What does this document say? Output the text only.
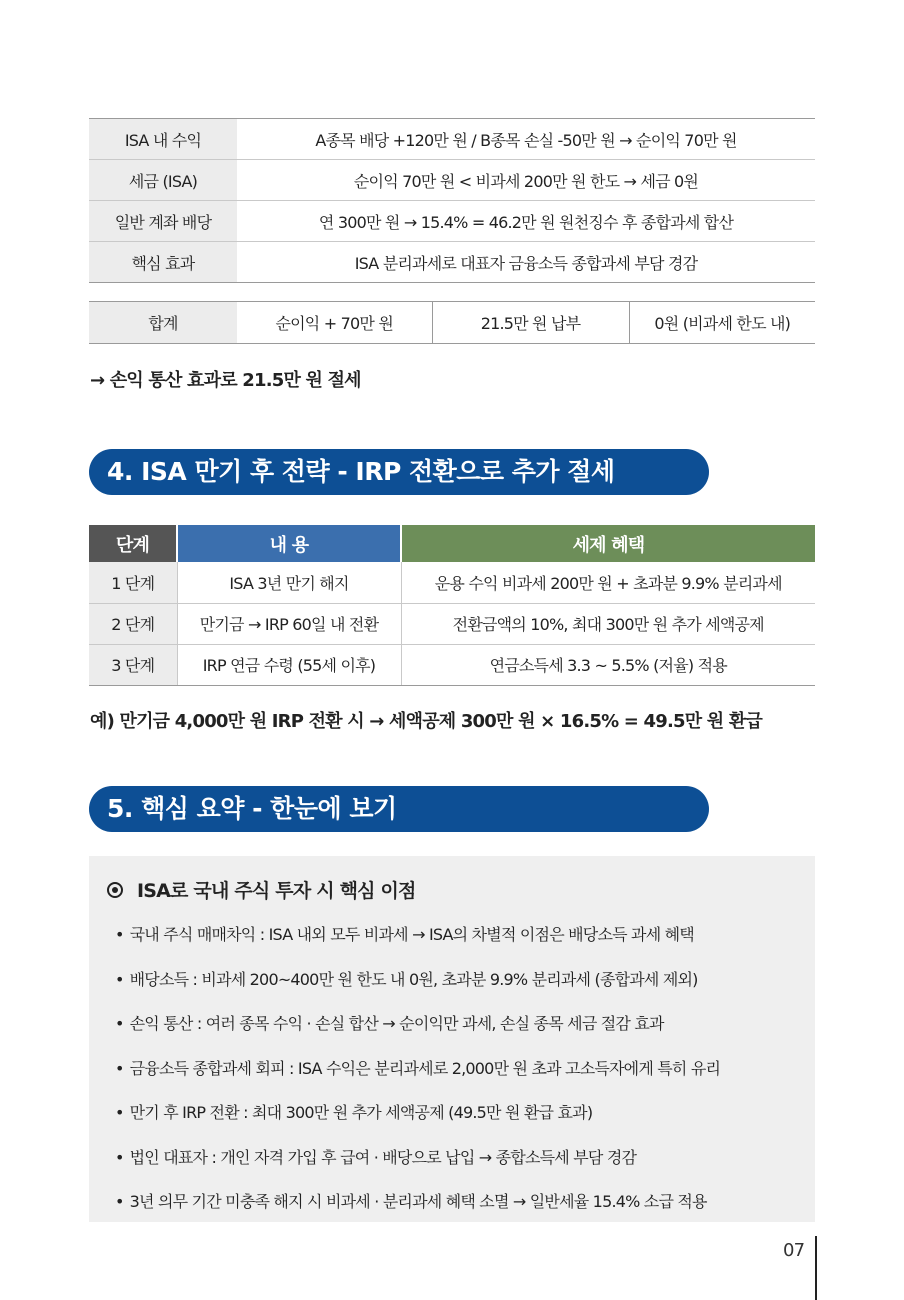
ISA 내 수익	A종목 배당 +120만 원 / B종목 손실 -50만 원 → 순이익 70만 원
세금 (ISA)	순이익 70만 원 < 비과세 200만 원 한도 → 세금 0원
일반 계좌 배당	연 300만 원 → 15.4% = 46.2만 원 원천징수 후 종합과세 합산
핵심 효과	ISA 분리과세로 대표자 금융소득 종합과세 부담 경감
합계	순이익 + 70만 원	21.5만 원 납부	0원 (비과세 한도 내)
→ 손익 통산 효과로 21.5만 원 절세
4. ISA 만기 후 전략 - IRP 전환으로 추가 절세
단계	내 용	세제 혜택
1 단계	ISA 3년 만기 해지	운용 수익 비과세 200만 원 + 초과분 9.9% 분리과세
2 단계	만기금 → IRP 60일 내 전환	전환금액의 10%, 최대 300만 원 추가 세액공제
3 단계	IRP 연금 수령 (55세 이후)	연금소득세 3.3 ~ 5.5% (저율) 적용
예) 만기금 4,000만 원 IRP 전환 시 → 세액공제 300만 원 × 16.5% = 49.5만 원 환급
5. 핵심 요약 - 한눈에 보기
ISA로 국내 주식 투자 시 핵심 이점
• 국내 주식 매매차익 : ISA 내외 모두 비과세 → ISA의 차별적 이점은 배당소득 과세 혜택
• 배당소득 : 비과세 200~400만 원 한도 내 0원, 초과분 9.9% 분리과세 (종합과세 제외)
• 손익 통산 : 여러 종목 수익 · 손실 합산 → 순이익만 과세, 손실 종목 세금 절감 효과
• 금융소득 종합과세 회피 : ISA 수익은 분리과세로 2,000만 원 초과 고소득자에게 특히 유리
• 만기 후 IRP 전환 : 최대 300만 원 추가 세액공제 (49.5만 원 환급 효과)
• 법인 대표자 : 개인 자격 가입 후 급여 · 배당으로 납입 → 종합소득세 부담 경감
• 3년 의무 기간 미충족 해지 시 비과세 · 분리과세 혜택 소멸 → 일반세율 15.4% 소급 적용
07
